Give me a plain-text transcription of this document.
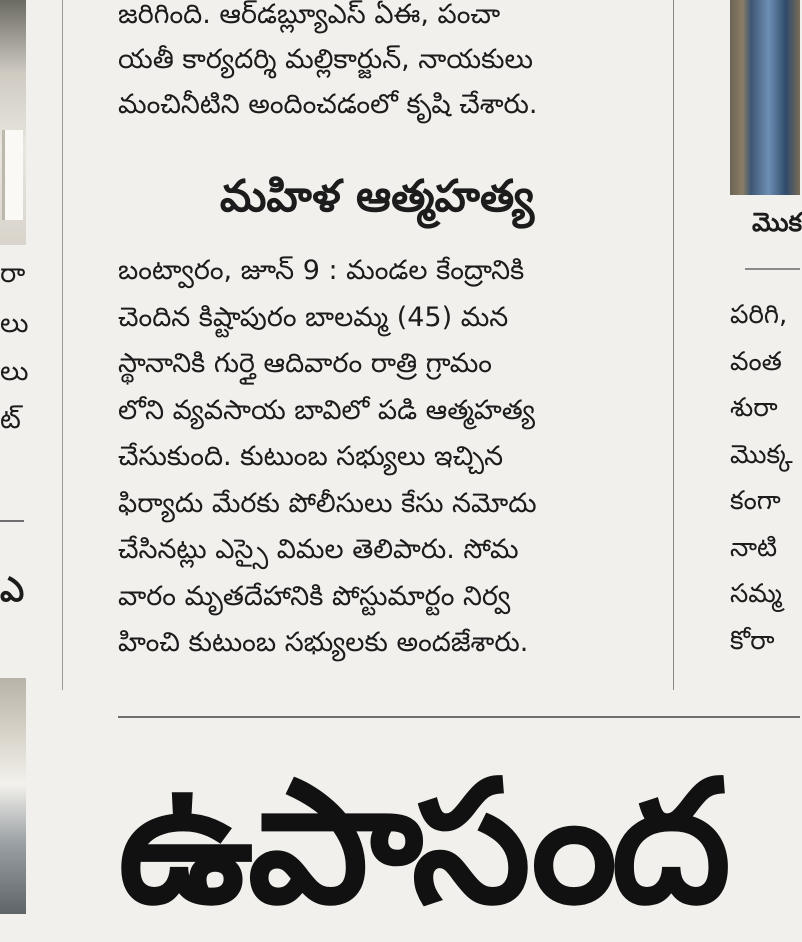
రా
లు
లు
ట్
ఎ
జరిగింది. ఆర్‌డబ్ల్యూఎస్‌ ఏఈ, పంచా
యతీ కార్యదర్శి మల్లికార్జున్‌, నాయకులు
మంచినీటిని అందించడంలో కృషి చేశారు.
మహిళ ఆత్మహత్య
బంట్వారం, జూన్‌ 9 : మండల కేంద్రానికి
చెందిన కిష్టాపురం బాలమ్మ (45) మన
స్థానానికి గుర్తై ఆదివారం రాత్రి గ్రామం
లోని వ్యవసాయ బావిలో పడి ఆత్మహత్య
చేసుకుంది. కుటుంబ సభ్యులు ఇచ్చిన
ఫిర్యాదు మేరకు పోలీసులు కేసు నమోదు
చేసినట్లు ఎస్సై విమల తెలిపారు. సోమ
వారం మృతదేహానికి పోస్టుమార్టం నిర్వ
హించి కుటుంబ సభ్యులకు అందజేశారు.
మొక
పరిగి,
వంత
శురా
మొక్క
కంగా
నాటి
సమ్మ
కోరా
ఉపాసంద
